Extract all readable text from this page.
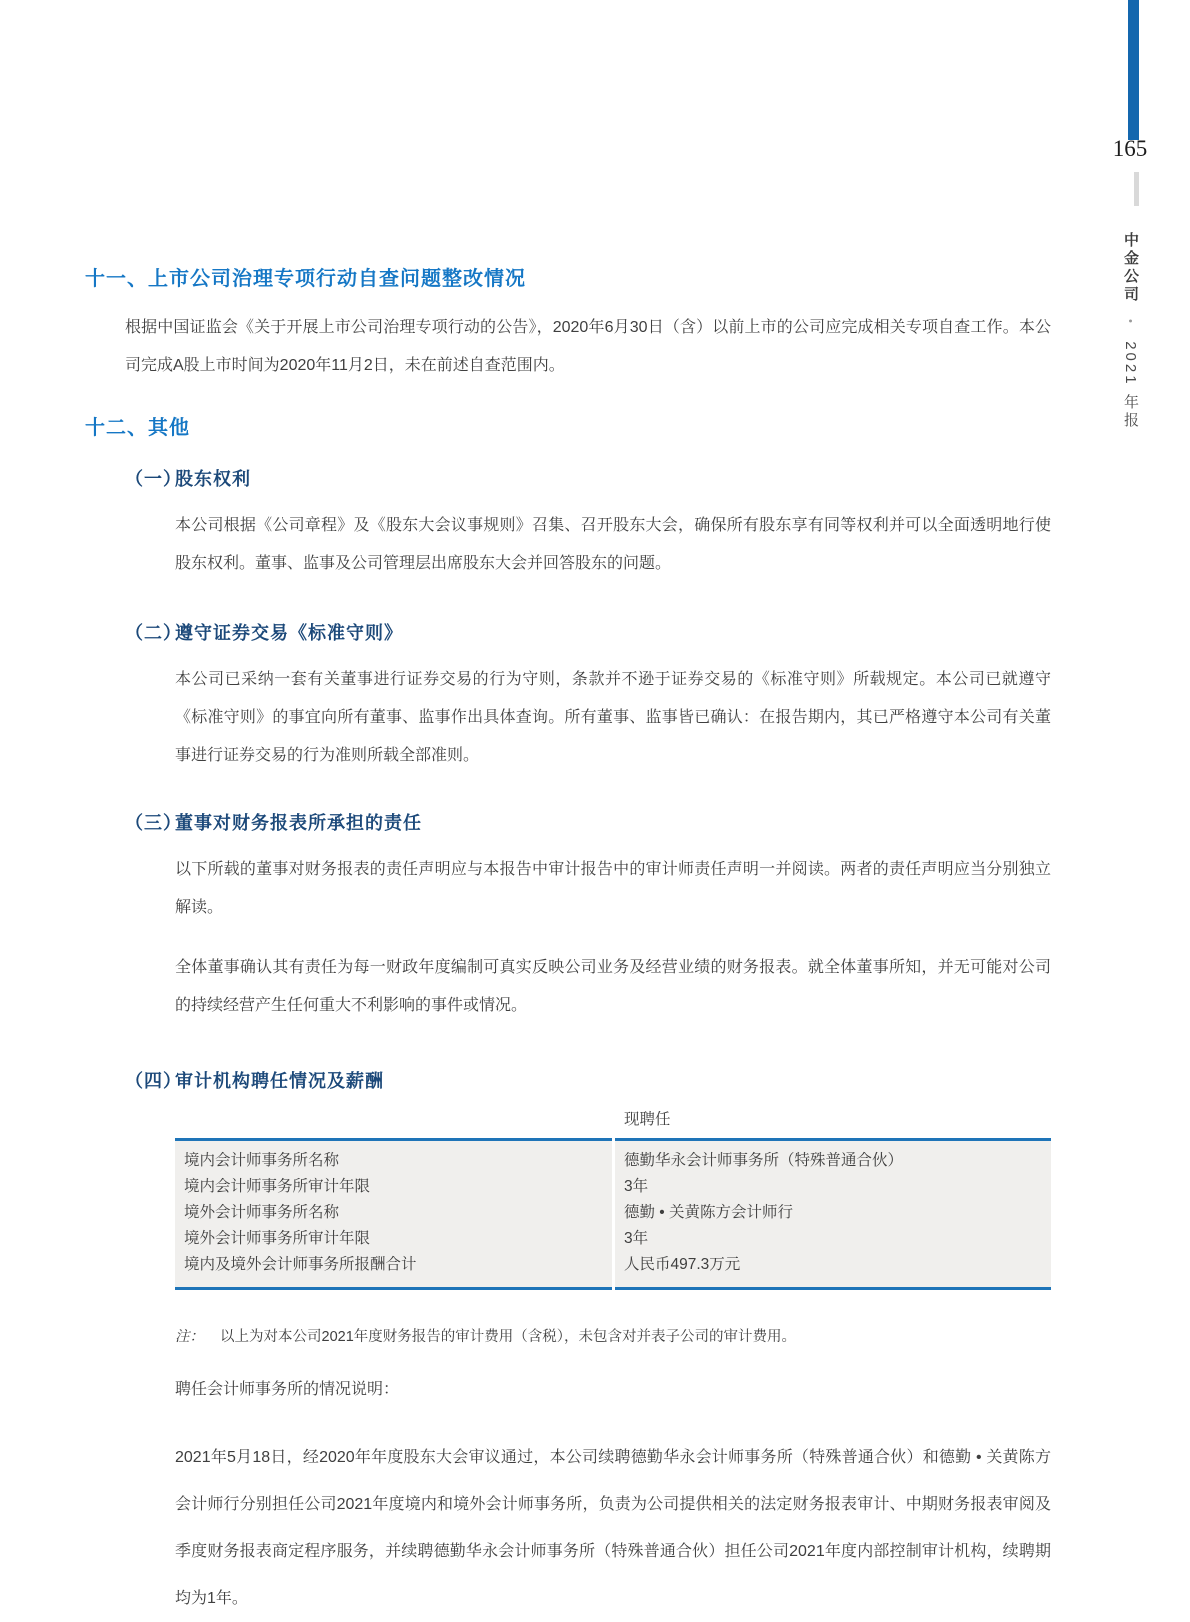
165
中金公司 • 2021 年报
十一、上市公司治理专项行动自查问题整改情况

根据中国证监会《关于开展上市公司治理专项行动的公告》，2020年6月30日（含）以前上市的公司应完成相关专项自查工作。本公司完成A股上市时间为2020年11月2日，未在前述自查范围内。

十二、其他
（一）
股东权利

本公司根据《公司章程》及《股东大会议事规则》召集、召开股东大会，确保所有股东享有同等权利并可以全面透明地行使股东权利。董事、监事及公司管理层出席股东大会并回答股东的问题。

（二）
遵守证券交易《标准守则》

本公司已采纳一套有关董事进行证券交易的行为守则，条款并不逊于证券交易的《标准守则》所载规定。本公司已就遵守《标准守则》的事宜向所有董事、监事作出具体查询。所有董事、监事皆已确认：在报告期内，其已严格遵守本公司有关董事进行证券交易的行为准则所载全部准则。

（三）
董事对财务报表所承担的责任

以下所载的董事对财务报表的责任声明应与本报告中审计报告中的审计师责任声明一并阅读。两者的责任声明应当分别独立解读。

全体董事确认其有责任为每一财政年度编制可真实反映公司业务及经营业绩的财务报表。就全体董事所知，并无可能对公司的持续经营产生任何重大不利影响的事件或情况。

（四）
审计机构聘任情况及薪酬
现聘任
境内会计师事务所名称
境内会计师事务所审计年限
境外会计师事务所名称
境外会计师事务所审计年限
境内及境外会计师事务所报酬合计
德勤华永会计师事务所（特殊普通合伙）
3年
德勤 • 关黄陈方会计师行
3年
人民币497.3万元

注： 以上为对本公司2021年度财务报告的审计费用（含税），未包含对并表子公司的审计费用。

聘任会计师事务所的情况说明：

2021年5月18日，经2020年年度股东大会审议通过，本公司续聘德勤华永会计师事务所（特殊普通合伙）和德勤 • 关黄陈方会计师行分别担任公司2021年度境内和境外会计师事务所，负责为公司提供相关的法定财务报表审计、中期财务报表审阅及季度财务报表商定程序服务，并续聘德勤华永会计师事务所（特殊普通合伙）担任公司2021年度内部控制审计机构，续聘期均为1年。
